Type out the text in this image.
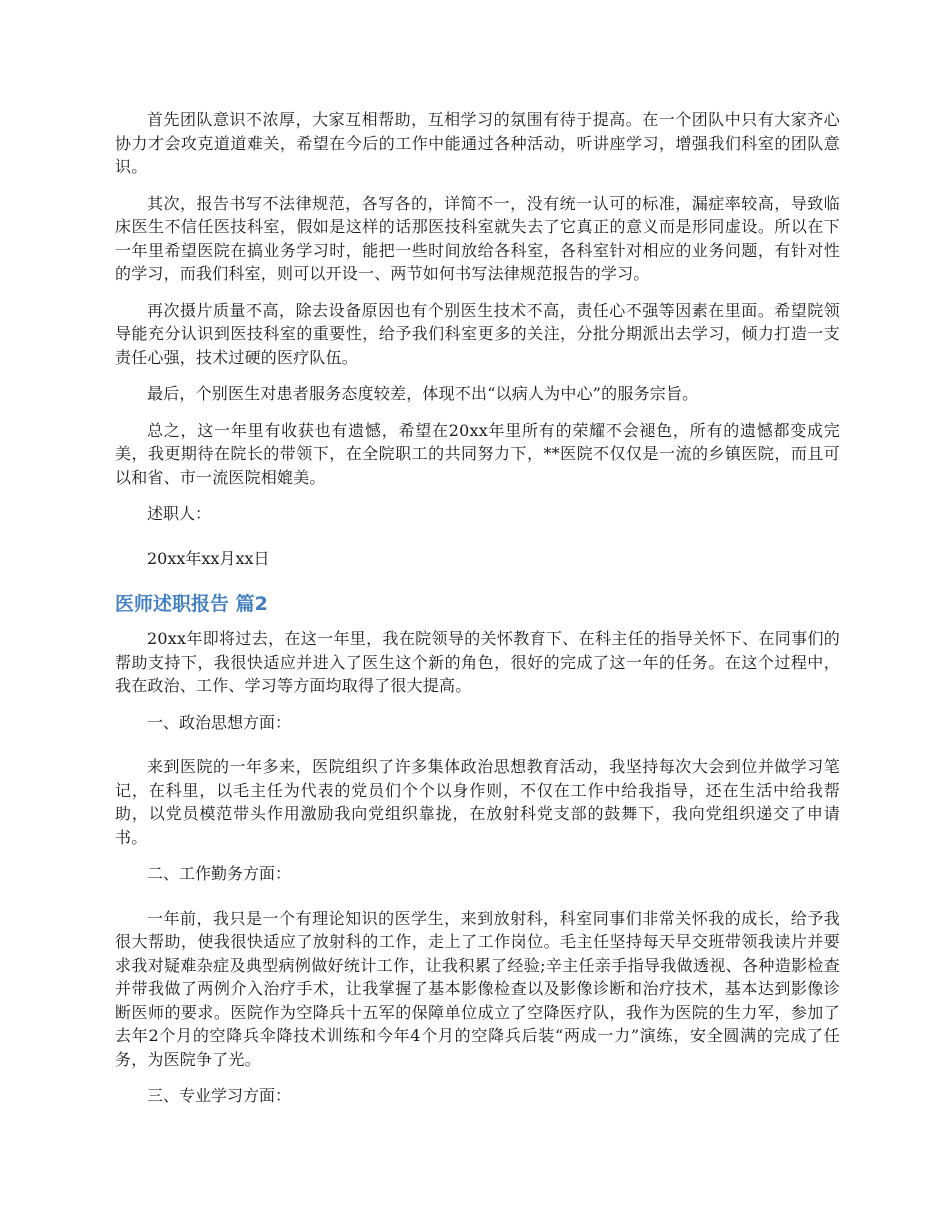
首先团队意识不浓厚，大家互相帮助，互相学习的氛围有待于提高。在一个团队中只有大家齐心协力才会攻克道道难关，希望在今后的工作中能通过各种活动，听讲座学习，增强我们科室的团队意识。

其次，报告书写不法律规范，各写各的，详简不一，没有统一认可的标准，漏症率较高，导致临床医生不信任医技科室，假如是这样的话那医技科室就失去了它真正的意义而是形同虚设。所以在下一年里希望医院在搞业务学习时，能把一些时间放给各科室，各科室针对相应的业务问题，有针对性的学习，而我们科室，则可以开设一、两节如何书写法律规范报告的学习。

再次摄片质量不高，除去设备原因也有个别医生技术不高，责任心不强等因素在里面。希望院领导能充分认识到医技科室的重要性，给予我们科室更多的关注，分批分期派出去学习，倾力打造一支责任心强，技术过硬的医疗队伍。

最后，个别医生对患者服务态度较差，体现不出“以病人为中心”的服务宗旨。

总之，这一年里有收获也有遗憾，希望在20xx年里所有的荣耀不会褪色，所有的遗憾都变成完美，我更期待在院长的带领下，在全院职工的共同努力下，**医院不仅仅是一流的乡镇医院，而且可以和省、市一流医院相媲美。

述职人：

20xx年xx月xx日

医师述职报告 篇2

20xx年即将过去，在这一年里，我在院领导的关怀教育下、在科主任的指导关怀下、在同事们的帮助支持下，我很快适应并进入了医生这个新的角色，很好的完成了这一年的任务。在这个过程中，我在政治、工作、学习等方面均取得了很大提高。

一、政治思想方面：

来到医院的一年多来，医院组织了许多集体政治思想教育活动，我坚持每次大会到位并做学习笔记，在科里，以毛主任为代表的党员们个个以身作则，不仅在工作中给我指导，还在生活中给我帮助，以党员模范带头作用激励我向党组织靠拢，在放射科党支部的鼓舞下，我向党组织递交了申请书。

二、工作勤务方面：

一年前，我只是一个有理论知识的医学生，来到放射科，科室同事们非常关怀我的成长，给予我很大帮助，使我很快适应了放射科的工作，走上了工作岗位。毛主任坚持每天早交班带领我读片并要求我对疑难杂症及典型病例做好统计工作，让我积累了经验;辛主任亲手指导我做透视、各种造影检查并带我做了两例介入治疗手术，让我掌握了基本影像检查以及影像诊断和治疗技术，基本达到影像诊断医师的要求。医院作为空降兵十五军的保障单位成立了空降医疗队，我作为医院的生力军，参加了去年2个月的空降兵伞降技术训练和今年4个月的空降兵后装“两成一力”演练，安全圆满的完成了任务，为医院争了光。

三、专业学习方面：
